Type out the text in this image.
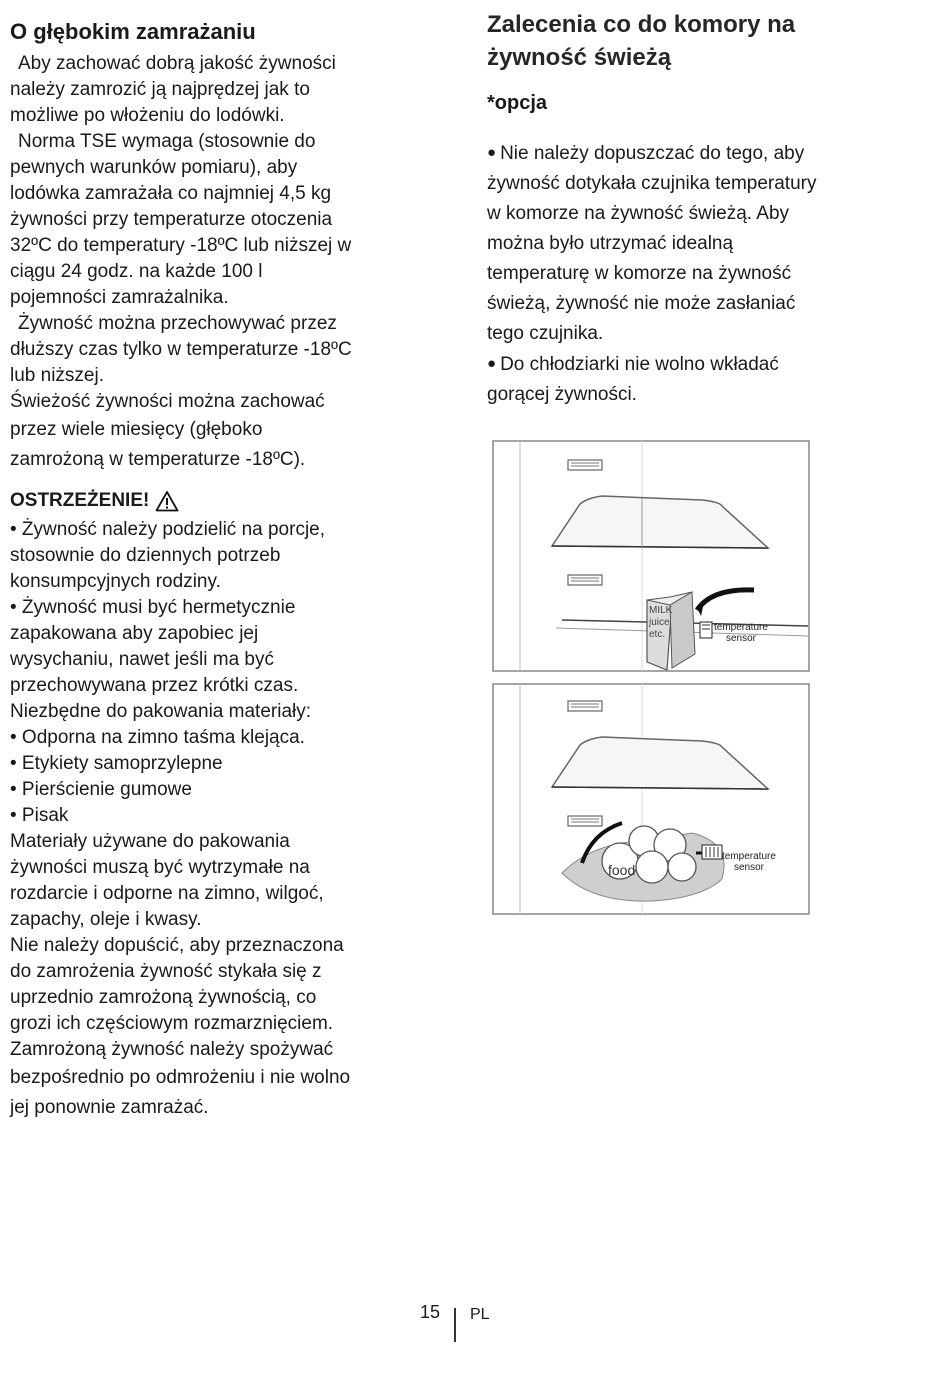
O głębokim zamrażaniu

Aby zachować dobrą jakość żywności

należy zamrozić ją najprędzej jak to

możliwe po włożeniu do lodówki.

Norma TSE wymaga (stosownie do

pewnych warunków pomiaru), aby

lodówka zamrażała co najmniej 4,5 kg

żywności przy temperaturze otoczenia

32ºC do temperatury -18ºC lub niższej w

ciągu 24 godz. na każde 100 l

pojemności zamrażalnika.

Żywność można przechowywać przez

dłuższy czas tylko w temperaturze -18ºC

lub niższej.

Świeżość żywności można zachować

przez wiele miesięcy (głęboko

zamrożoną w temperaturze -18ºC).

OSTRZEŻENIE!

• Żywność należy podzielić na porcje,

stosownie do dziennych potrzeb

konsumpcyjnych rodziny.

• Żywność musi być hermetycznie

zapakowana aby zapobiec jej

wysychaniu, nawet jeśli ma być

przechowywana przez krótki czas.

Niezbędne do pakowania materiały:

• Odporna na zimno taśma klejąca.

• Etykiety samoprzylepne

• Pierścienie gumowe

• Pisak

Materiały używane do pakowania

żywności muszą być wytrzymałe na

rozdarcie i odporne na zimno, wilgoć,

zapachy, oleje i kwasy.

Nie należy dopuścić, aby przeznaczona

do zamrożenia żywność stykała się z

uprzednio zamrożoną żywnością, co

grozi ich częściowym rozmarznięciem.

Zamrożoną żywność należy spożywać

bezpośrednio po odmrożeniu i nie wolno

jej ponownie zamrażać.

Zalecenia co do komory na
żywność świeżą
*opcja

● Nie należy dopuszczać do tego, aby

żywność dotykała czujnika temperatury

w komorze na żywność świeżą. Aby

można było utrzymać idealną

temperaturę w komorze na żywność

świeżą, żywność nie może zasłaniać

tego czujnika.

● Do chłodziarki nie wolno wkładać

gorącej żywności.

MILK
juice
etc.
temperature
sensor
food
temperature
sensor
15 PL
